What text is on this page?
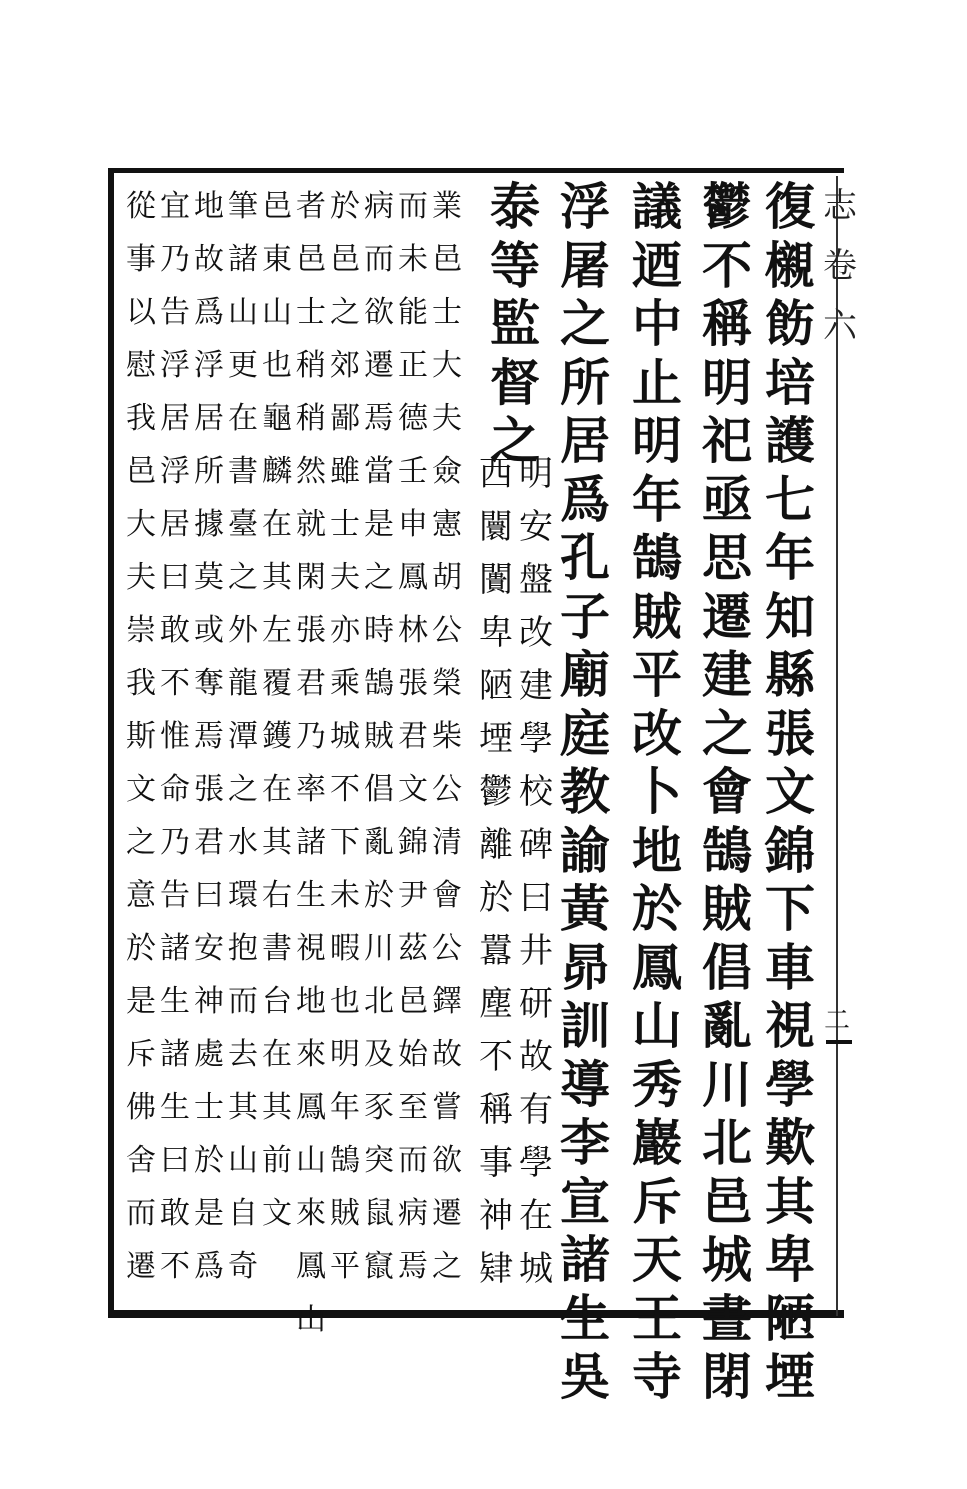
志
卷
六
二
復
櫬
飭
培
護
七
年
知
縣
張
文
錦
下
車
視
學
歎
其
卑
陋
堙
鬱
不
稱
明
祀
亟
思
遷
建
之
會
鵠
賊
倡
亂
川
北
邑
城
晝
閉
議
迺
中
止
明
年
鵠
賊
平
改
卜
地
於
鳳
山
秀
巖
斥
天
王
寺
浮
屠
之
所
居
爲
孔
子
廟
庭
教
諭
黃
昴
訓
導
李
宣
諸
生
吳
泰
等
監
督
之
明
安
盤
改
建
學
校
碑
曰
井
研
故
有
學
在
城
業
邑
士
大
夫
僉
憲
胡
公
榮
柴
公
清
會
公
鐸
故
嘗
欲
遷
之
而
未
能
正
德
壬
申
鳳
林
張
君
文
錦
尹
茲
邑
始
至
而
病
焉
病
而
欲
遷
焉
當
是
之
時
鵠
賊
倡
亂
於
川
北
及
豕
突
鼠
竄
於
邑
之
郊
鄙
雖
士
夫
亦
乘
城
不
下
未
暇
也
明
年
鵠
賊
平
者
邑
士
稍
稍
然
就
閑
張
君
乃
率
諸
生
視
地
來
鳳
山
來
鳳
山
邑
東
山
也
龜
麟
在
其
左
覆
鑊
在
其
右
書
台
在
其
前
文
筆
諸
山
更
在
書
臺
之
外
龍
潭
之
水
環
抱
而
去
其
山
自
奇
地
故
爲
浮
居
所
據
莫
或
奪
焉
張
君
曰
安
神
處
士
於
是
爲
宜
乃
告
浮
居
浮
居
曰
敢
不
惟
命
乃
告
諸
生
諸
生
曰
敢
不
從
事
以
慰
我
邑
大
夫
崇
我
斯
文
之
意
於
是
斥
佛
舍
而
遷
西
闤
闠
卑
陋
堙
鬱
離
於
囂
塵
不
稱
事
神
肄
